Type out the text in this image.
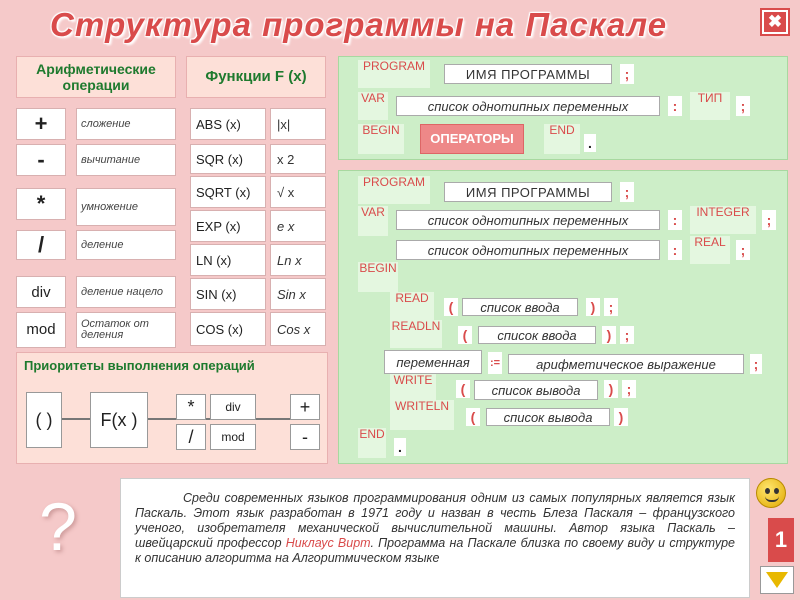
Структура программы на Паскале	✖
Арифметические операции	Функции F (x)
+	сложение
-	вычитание
*	умножение
/	деление
div	деление нацело
mod	Остаток от деления
ABS (x)	|x|
SQR (x)	x 2
SQRT (x)	√ x
EXP (x)	e x
LN (x)	Ln x
SIN (x)	Sin x
COS (x)	Cos x
Приоритеты выполнения операций
( )	F(x )
*	div
/	mod
+
-
PROGRAM
ИМЯ ПРОГРАММЫ	;
VAR
список однотипных переменных	:	ТИП	;
BEGIN
ОПЕРАТОРЫ
END
.
PROGRAM
ИМЯ ПРОГРАММЫ	;
VAR
список однотипных переменных	:	INTEGER	;
список однотипных переменных	:	REAL	;
BEGIN
READ
(	список ввода	) ;
READLN
(	список ввода	) ;
переменная	:=	арифметическое выражение	;
WRITE
(	список вывода	) ;
WRITELN
(	список вывода	)
END
.
?	Среди современных языков программирования одним из самых популярных является язык Паскаль. Этот язык разработан в 1971 году и назван в честь Блеза Паскаля – французского ученого, изобретателя механической вычислительной машины. Автор языка Паскаль – швейцарский профессор Никлаус Вирт. Программа на Паскале близка по своему виду и структуре к описанию алгоритма на Алгоритмическом языке
1
